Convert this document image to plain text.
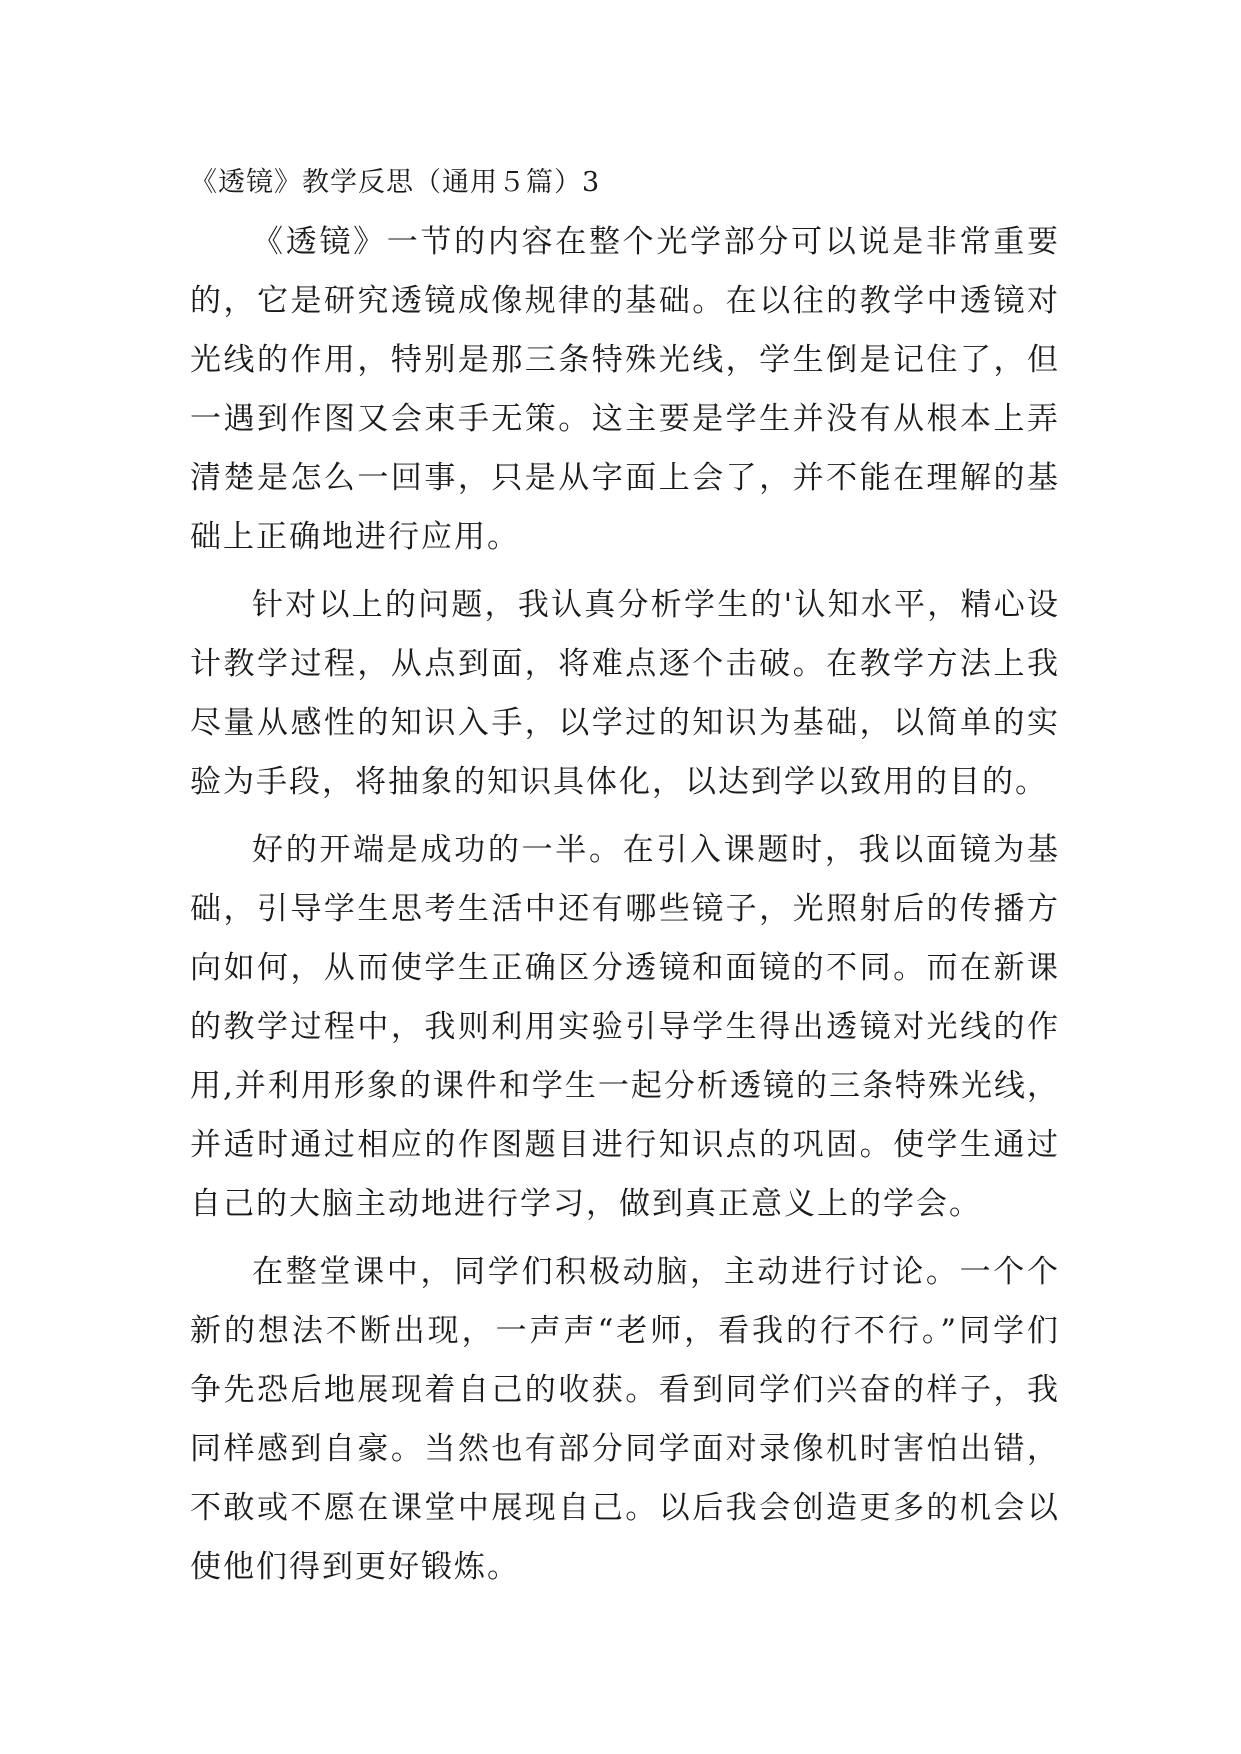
《透镜》教学反思（通用５篇）3

《透镜》一节的内容在整个光学部分可以说是非常重要的，它是研究透镜成像规律的基础。在以往的教学中透镜对光线的作用，特别是那三条特殊光线，学生倒是记住了，但一遇到作图又会束手无策。这主要是学生并没有从根本上弄清楚是怎么一回事，只是从字面上会了，并不能在理解的基础上正确地进行应用。

针对以上的问题，我认真分析学生的'认知水平，精心设计教学过程，从点到面，将难点逐个击破。在教学方法上我尽量从感性的知识入手，以学过的知识为基础，以简单的实验为手段，将抽象的知识具体化，以达到学以致用的目的。

好的开端是成功的一半。在引入课题时，我以面镜为基础，引导学生思考生活中还有哪些镜子，光照射后的传播方向如何，从而使学生正确区分透镜和面镜的不同。而在新课的教学过程中，我则利用实验引导学生得出透镜对光线的作用,并利用形象的课件和学生一起分析透镜的三条特殊光线，并适时通过相应的作图题目进行知识点的巩固。使学生通过自己的大脑主动地进行学习，做到真正意义上的学会。

在整堂课中，同学们积极动脑，主动进行讨论。一个个新的想法不断出现，一声声“老师，看我的行不行。”同学们争先恐后地展现着自己的收获。看到同学们兴奋的样子，我同样感到自豪。当然也有部分同学面对录像机时害怕出错，不敢或不愿在课堂中展现自己。以后我会创造更多的机会以使他们得到更好锻炼。
